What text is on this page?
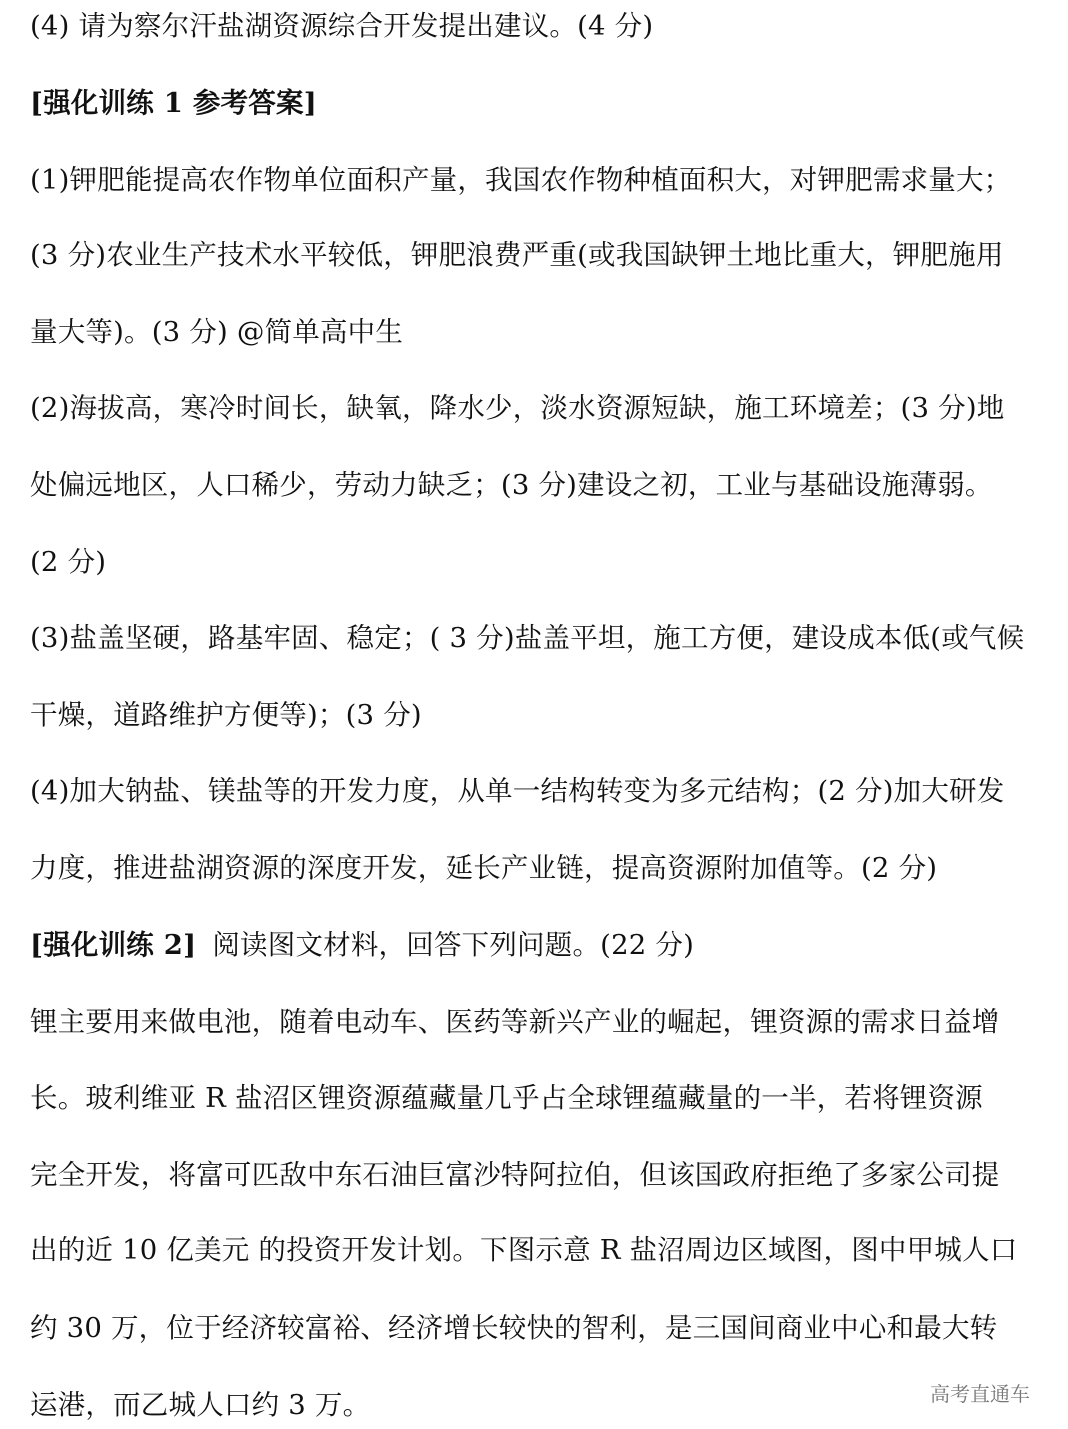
(4) 请为察尔汗盐湖资源综合开发提出建议。(4 分)
[强化训练 1 参考答案]
(1)钾肥能提高农作物单位面积产量，我国农作物种植面积大，对钾肥需求量大；
(3 分)农业生产技术水平较低，钾肥浪费严重(或我国缺钾土地比重大，钾肥施用
量大等)。(3 分) @简单高中生
(2)海拔高，寒冷时间长，缺氧，降水少，淡水资源短缺，施工环境差；(3 分)地
处偏远地区，人口稀少，劳动力缺乏；(3 分)建设之初，工业与基础设施薄弱。
(2 分)
(3)盐盖坚硬，路基牢固、稳定；( 3 分)盐盖平坦，施工方便，建设成本低(或气候
干燥，道路维护方便等)；(3 分)
(4)加大钠盐、镁盐等的开发力度，从单一结构转变为多元结构；(2 分)加大研发
力度，推进盐湖资源的深度开发，延长产业链，提高资源附加值等。(2 分)
[强化训练 2] 阅读图文材料，回答下列问题。(22 分)
锂主要用来做电池，随着电动车、医药等新兴产业的崛起，锂资源的需求日益增
长。玻利维亚 R 盐沼区锂资源蕴藏量几乎占全球锂蕴藏量的一半，若将锂资源
完全开发，将富可匹敌中东石油巨富沙特阿拉伯，但该国政府拒绝了多家公司提
出的近 10 亿美元 的投资开发计划。下图示意 R 盐沼周边区域图，图中甲城人口
约 30 万，位于经济较富裕、经济增长较快的智利，是三国间商业中心和最大转
运港，而乙城人口约 3 万。	高考直通车
